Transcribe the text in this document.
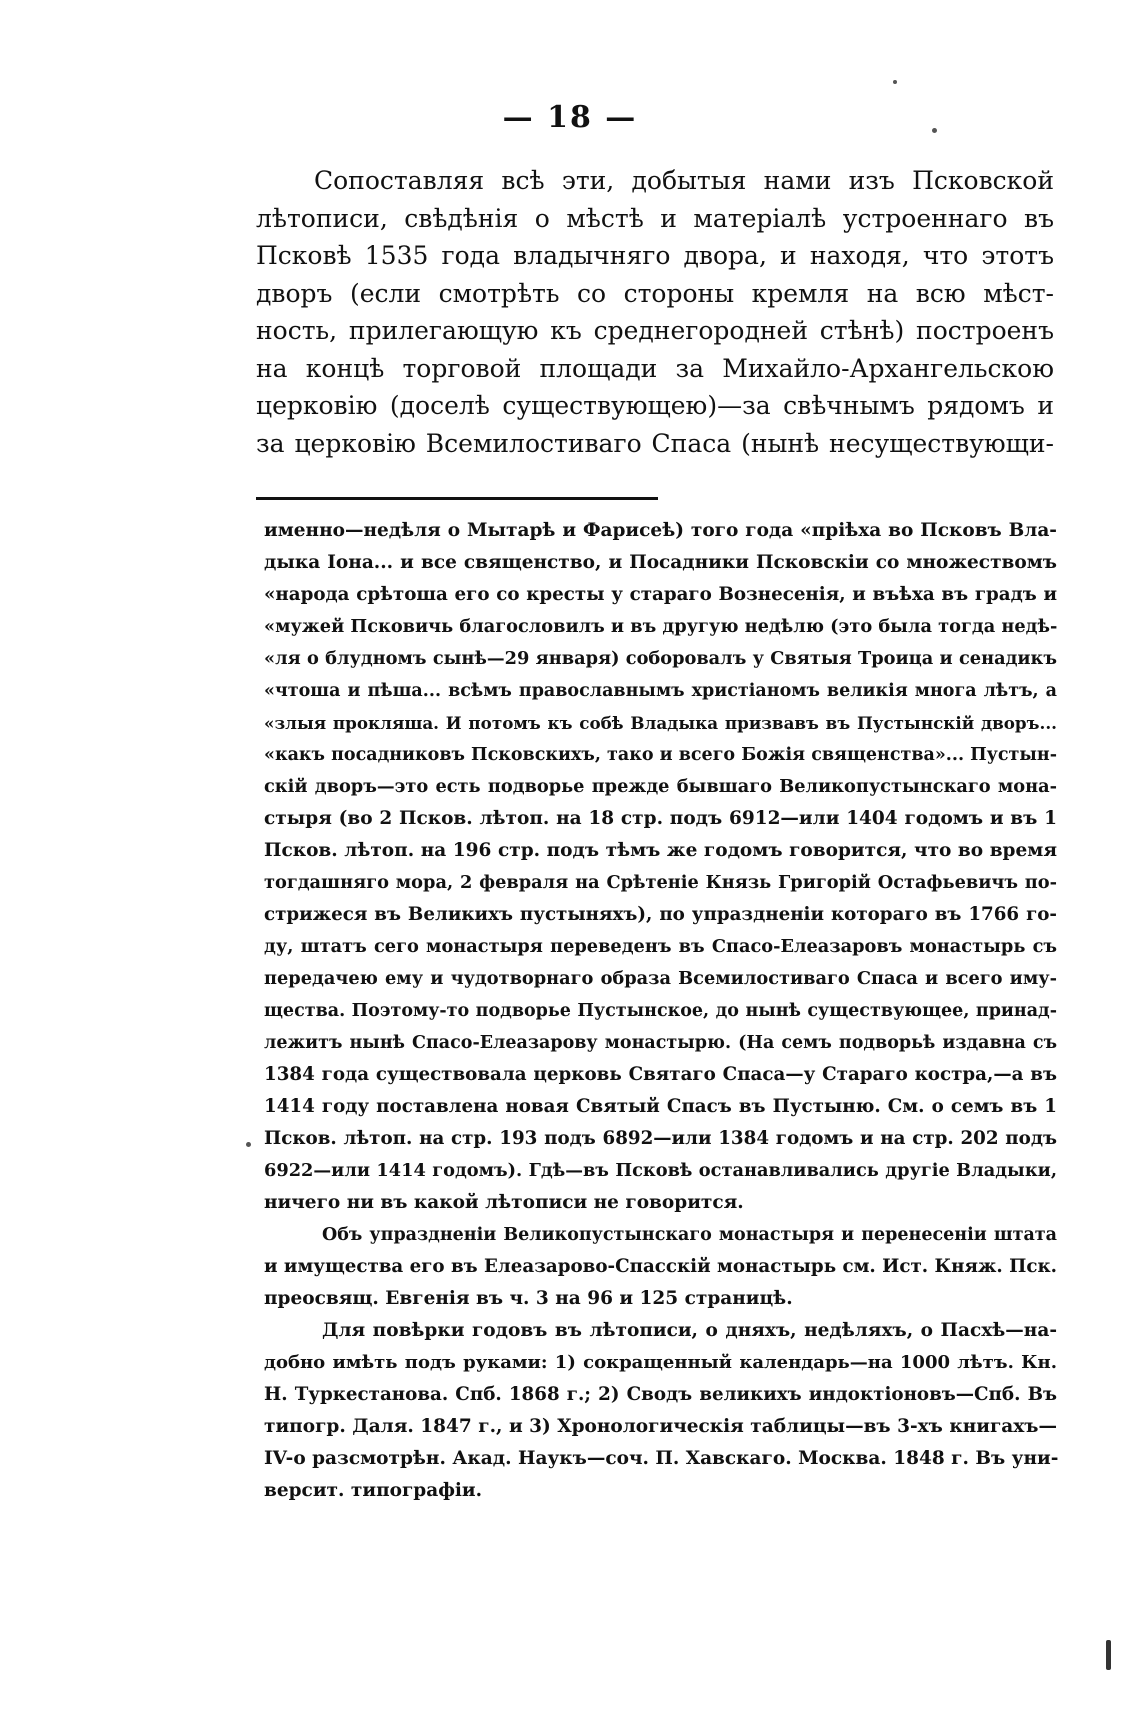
— 18 —
Сопоставляя всѣ эти, добытыя нами изъ Псковской
лѣтописи, свѣдѣнія о мѣстѣ и матеріалѣ устроеннаго въ
Псковѣ 1535 года владычняго двора, и находя, что этотъ
дворъ (если смотрѣть со стороны кремля на всю мѣст-
ность, прилегающую къ среднегородней стѣнѣ) построенъ
на концѣ торговой площади за Михайло-Архангельскою
церковію (доселѣ существующею)—за свѣчнымъ рядомъ и
за церковію Всемилостиваго Спаса (нынѣ несуществующи-
именно—недѣля о Мытарѣ и Фарисеѣ) того года «пріѣха во Псковъ Вла-
дыка Іона... и все священство, и Посадники Псковскіи со множествомъ
«народа срѣтоша его со кресты у стараго Вознесенія, и въѣха въ градъ и
«мужей Псковичь благословилъ и въ другую недѣлю (это была тогда недѣ-
«ля о блудномъ сынѣ—29 января) соборовалъ у Святыя Троица и сенадикъ
«чтоша и пѣша... всѣмъ православнымъ христіаномъ великія многа лѣтъ, а
«злыя прокляша. И потомъ къ собѣ Владыка призвавъ въ Пустынскій дворъ...
«какъ посадниковъ Псковскихъ, тако и всего Божія священства»... Пустын-
скій дворъ—это есть подворье прежде бывшаго Великопустынскаго мона-
стыря (во 2 Псков. лѣтоп. на 18 стр. подъ 6912—или 1404 годомъ и въ 1
Псков. лѣтоп. на 196 стр. подъ тѣмъ же годомъ говорится, что во время
тогдашняго мора, 2 февраля на Срѣтеніе Князь Григорій Остафьевичъ по-
стрижеся въ Великихъ пустыняхъ), по упраздненіи котораго въ 1766 го-
ду, штатъ сего монастыря переведенъ въ Спасо-Елеазаровъ монастырь съ
передачею ему и чудотворнаго образа Всемилостиваго Спаса и всего иму-
щества. Поэтому-то подворье Пустынское, до нынѣ существующее, принад-
лежитъ нынѣ Спасо-Елеазарову монастырю. (На семъ подворьѣ издавна съ
1384 года существовала церковь Святаго Спаса—у Стараго костра,—а въ
1414 году поставлена новая Святый Спасъ въ Пустыню. См. о семъ въ 1
Псков. лѣтоп. на стр. 193 подъ 6892—или 1384 годомъ и на стр. 202 подъ
6922—или 1414 годомъ). Гдѣ—въ Псковѣ останавливались другіе Владыки,
ничего ни въ какой лѣтописи не говорится.
Объ упраздненіи Великопустынскаго монастыря и перенесеніи штата
и имущества его въ Елеазарово-Спасскій монастырь см. Ист. Княж. Пск.
преосвящ. Евгенія въ ч. 3 на 96 и 125 страницѣ.
Для повѣрки годовъ въ лѣтописи, о дняхъ, недѣляхъ, о Пасхѣ—на-
добно имѣть подъ руками: 1) сокращенный календарь—на 1000 лѣтъ. Кн.
Н. Туркестанова. Спб. 1868 г.; 2) Сводъ великихъ индоктіоновъ—Спб. Въ
типогр. Даля. 1847 г., и 3) Хронологическія таблицы—въ 3-хъ книгахъ—
IV-о разсмотрѣн. Акад. Наукъ—соч. П. Хавскаго. Москва. 1848 г. Въ уни-
версит. типографіи.
